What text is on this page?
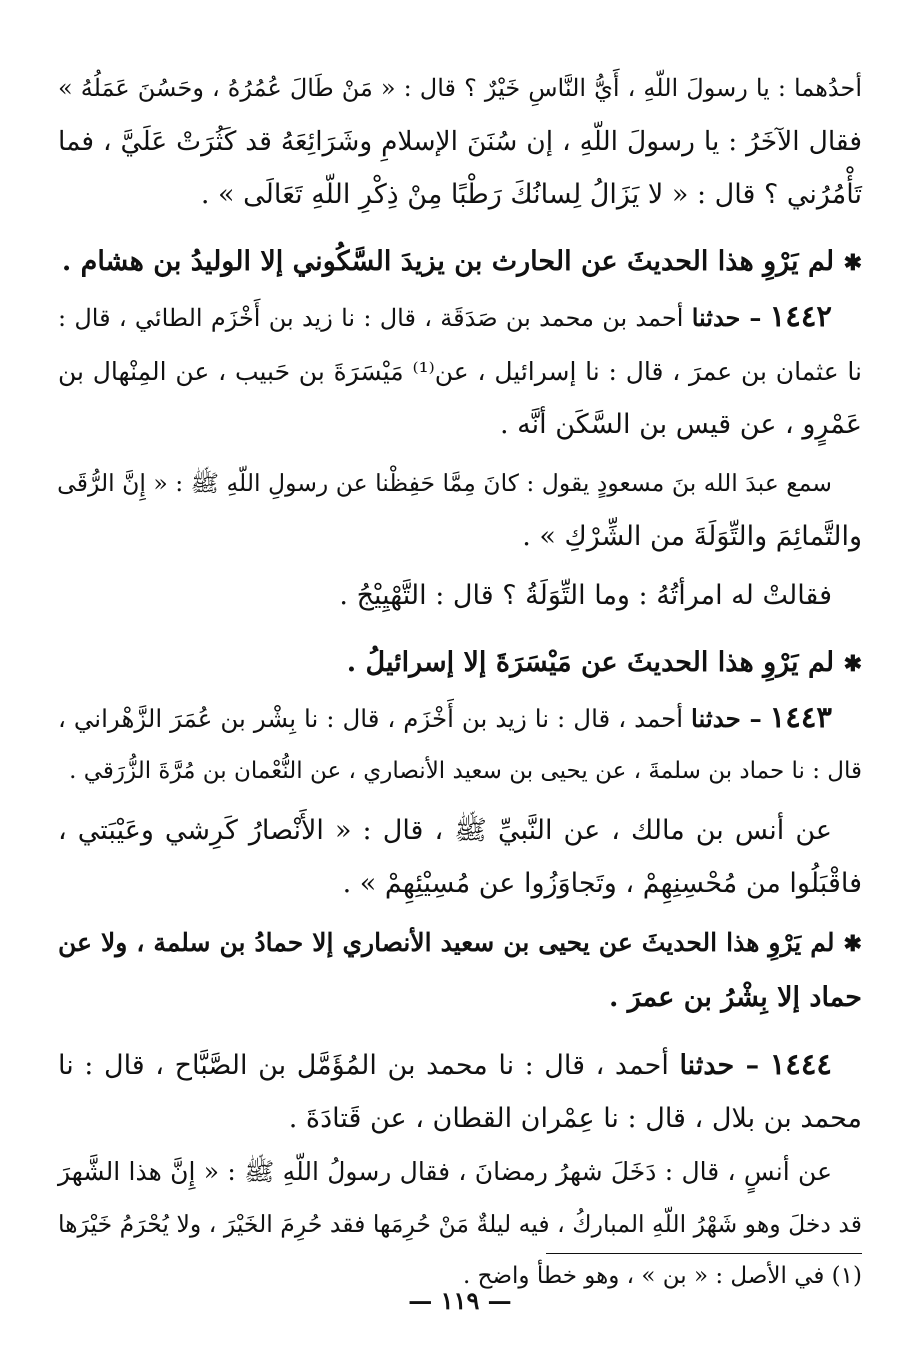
أحدُهما : يا رسولَ اللّهِ ، أَيُّ النَّاسِ خَيْرٌ ؟ قال : « مَنْ طَالَ عُمُرُهُ ، وحَسُنَ عَمَلُهُ »
فقال الآخَرُ : يا رسولَ اللّهِ ، إن سُنَنَ الإسلامِ وشَرَائِعَهُ قد كَثُرَتْ عَلَيَّ ، فما
تَأْمُرُني ؟ قال : « لا يَزَالُ لِسانُكَ رَطْبًا مِنْ ذِكْرِ اللّهِ تَعَالَى » .
✱ لم يَرْوِ هذا الحديثَ عن الحارث بن يزيدَ السَّكُوني إلا الوليدُ بن هشام .
١٤٤٢ – حدثنا أحمد بن محمد بن صَدَقَة ، قال : نا زيد بن أَخْزَم الطائي ، قال :
نا عثمان بن عمرَ ، قال : نا إسرائيل ، عن⁽¹⁾ مَيْسَرَةَ بن حَبيب ، عن المِنْهال بن
عَمْرٍو ، عن قيس بن السَّكَن أنَّه .
سمع عبدَ الله بنَ مسعودٍ يقول : كانَ مِمَّا حَفِظْنا عن رسولِ اللّهِ ﷺ : « إِنَّ الرُّقَى
والتَّمائِمَ والتِّوَلَةَ من الشِّرْكِ » .
فقالتْ له امرأتُهُ : وما التِّوَلَةُ ؟ قال : التَّهْيِيْجُ .
✱ لم يَرْوِ هذا الحديثَ عن مَيْسَرَةَ إلا إسرائيلُ .
١٤٤٣ – حدثنا أحمد ، قال : نا زيد بن أَخْزَم ، قال : نا بِشْر بن عُمَرَ الزَّهْراني ،
قال : نا حماد بن سلمةَ ، عن يحيى بن سعيد الأنصاري ، عن النُّعْمان بن مُرَّةَ الزُّرَقي .
عن أنس بن مالك ، عن النَّبيِّ ﷺ ، قال : « الأَنْصارُ كَرِشي وعَيْبَتي ،
فاقْبَلُوا من مُحْسِنِهِمْ ، وتَجاوَزُوا عن مُسِيْئِهِمْ » .
✱ لم يَرْوِ هذا الحديثَ عن يحيى بن سعيد الأنصاري إلا حمادُ بن سلمة ، ولا عن
حماد إلا بِشْرُ بن عمرَ .
١٤٤٤ – حدثنا أحمد ، قال : نا محمد بن المُؤَمَّل بن الصَّبَّاح ، قال : نا
محمد بن بلال ، قال : نا عِمْران القطان ، عن قَتادَةَ .
عن أنسٍ ، قال : دَخَلَ شهرُ رمضانَ ، فقال رسولُ اللّهِ ﷺ : « إِنَّ هذا الشَّهرَ
قد دخلَ وهو شَهْرُ اللّهِ المباركُ ، فيه ليلةٌ مَنْ حُرِمَها فقد حُرِمَ الخَيْرَ ، ولا يُحْرَمُ خَيْرَها
(١) في الأصل : « بن » ، وهو خطأ واضح .
— ١١٩ —
